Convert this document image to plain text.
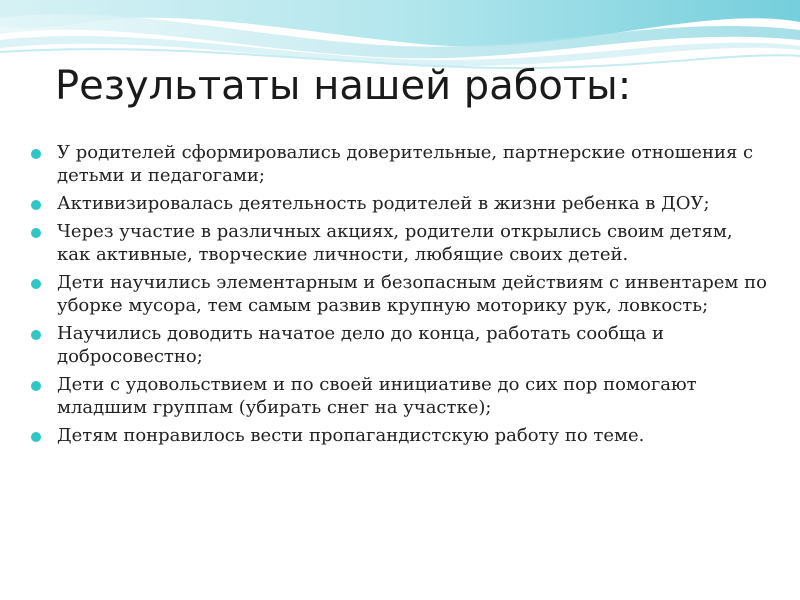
Результаты нашей работы:
У родителей сформировались доверительные, партнерские отношения с детьми и педагогами;
Активизировалась деятельность родителей в жизни ребенка в ДОУ;
Через участие в различных акциях, родители открылись своим детям, как активные, творческие личности, любящие своих детей.
Дети научились элементарным и безопасным действиям с инвентарем по уборке мусора, тем самым развив крупную моторику рук, ловкость;
Научились доводить начатое дело до конца, работать сообща и добросовестно;
Дети с удовольствием и по своей инициативе до сих пор помогают младшим группам (убирать снег на участке);
Детям понравилось вести пропагандистскую работу по теме.
